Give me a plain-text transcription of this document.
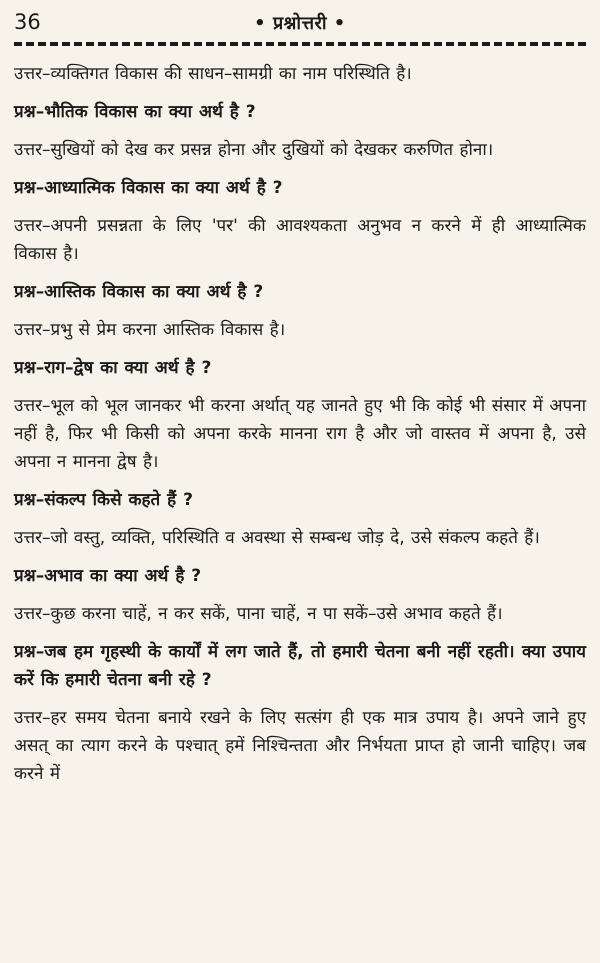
36	• प्रश्नोत्तरी •

उत्तर–व्यक्तिगत विकास की साधन–सामग्री का नाम परिस्थिति है।

प्रश्न–भौतिक विकास का क्या अर्थ है ?

उत्तर–सुखियों को देख कर प्रसन्न होना और दुखियों को देखकर करुणित होना।

प्रश्न–आध्यात्मिक विकास का क्या अर्थ है ?

उत्तर–अपनी प्रसन्नता के लिए 'पर' की आवश्यकता अनुभव न करने में ही आध्यात्मिक विकास है।

प्रश्न–आस्तिक विकास का क्या अर्थ है ?

उत्तर–प्रभु से प्रेम करना आस्तिक विकास है।

प्रश्न–राग–द्वेष का क्या अर्थ है ?

उत्तर–भूल को भूल जानकर भी करना अर्थात् यह जानते हुए भी कि कोई भी संसार में अपना नहीं है, फिर भी किसी को अपना करके मानना राग है और जो वास्तव में अपना है, उसे अपना न मानना द्वेष है।

प्रश्न–संकल्प किसे कहते हैं ?

उत्तर–जो वस्तु, व्यक्ति, परिस्थिति व अवस्था से सम्बन्ध जोड़ दे, उसे संकल्प कहते हैं।

प्रश्न–अभाव का क्या अर्थ है ?

उत्तर–कुछ करना चाहें, न कर सकें, पाना चाहें, न पा सकें–उसे अभाव कहते हैं।

प्रश्न–जब हम गृहस्थी के कार्यों में लग जाते हैं, तो हमारी चेतना बनी नहीं रहती। क्या उपाय करें कि हमारी चेतना बनी रहे ?

उत्तर–हर समय चेतना बनाये रखने के लिए सत्संग ही एक मात्र उपाय है। अपने जाने हुए असत् का त्याग करने के पश्चात् हमें निश्चिन्तता और निर्भयता प्राप्त हो जानी चाहिए। जब करने में
